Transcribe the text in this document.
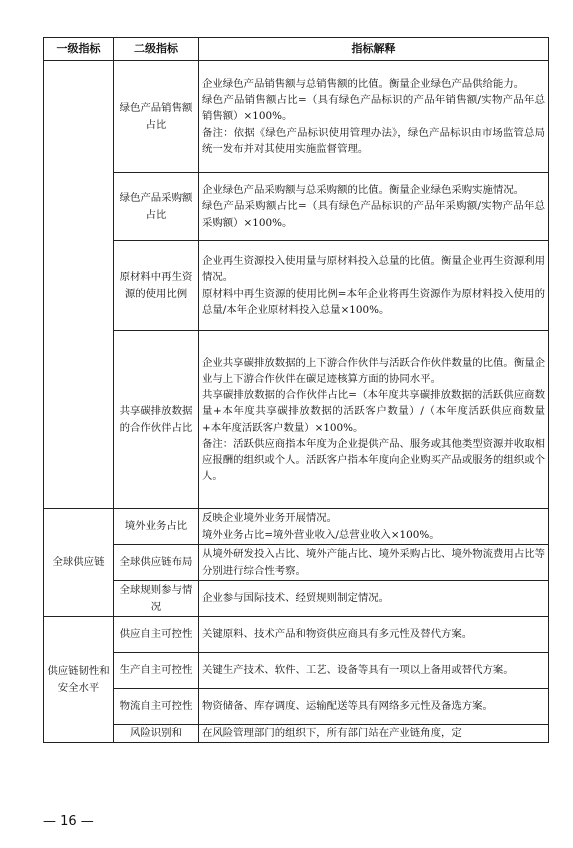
一级指标	二级指标	指标解释
	绿色产品销售额占比	企业绿色产品销售额与总销售额的比值。衡量企业绿色产品供给能力。

绿色产品销售额占比=（具有绿色产品标识的产品年销售额/实物产品年总销售额）×100%。

备注：依据《绿色产品标识使用管理办法》，绿色产品标识由市场监管总局统一发布并对其使用实施监督管理。

	绿色产品采购额占比	企业绿色产品采购额与总采购额的比值。衡量企业绿色采购实施情况。

绿色产品采购额占比=（具有绿色产品标识的产品年采购额/实物产品年总采购额）×100%。

	原材料中再生资源的使用比例	企业再生资源投入使用量与原材料投入总量的比值。衡量企业再生资源利用情况。

原材料中再生资源的使用比例=本年企业将再生资源作为原材料投入使用的总量/本年企业原材料投入总量×100%。

	共享碳排放数据的合作伙伴占比	企业共享碳排放数据的上下游合作伙伴与活跃合作伙伴数量的比值。衡量企业与上下游合作伙伴在碳足迹核算方面的协同水平。

共享碳排放数据的合作伙伴占比=（本年度共享碳排放数据的活跃供应商数量+本年度共享碳排放数据的活跃客户数量）/（本年度活跃供应商数量+本年度活跃客户数量）×100%。

备注：活跃供应商指本年度为企业提供产品、服务或其他类型资源并收取相应报酬的组织或个人。活跃客户指本年度向企业购买产品或服务的组织或个人。

全球供应链	境外业务占比	反映企业境外业务开展情况。

境外业务占比=境外营业收入/总营业收入×100%。

	全球供应链布局	从境外研发投入占比、境外产能占比、境外采购占比、境外物流费用占比等分别进行综合性考察。

	全球规则参与情况	企业参与国际技术、经贸规则制定情况。

供应链韧性和安全水平	供应自主可控性	关键原料、技术产品和物资供应商具有多元性及替代方案。

	生产自主可控性	关键生产技术、软件、工艺、设备等具有一项以上备用或替代方案。

	物流自主可控性	物资储备、库存调度、运输配送等具有网络多元性及备选方案。

	风险识别和	在风险管理部门的组织下，所有部门站在产业链角度，定

— 16 —
